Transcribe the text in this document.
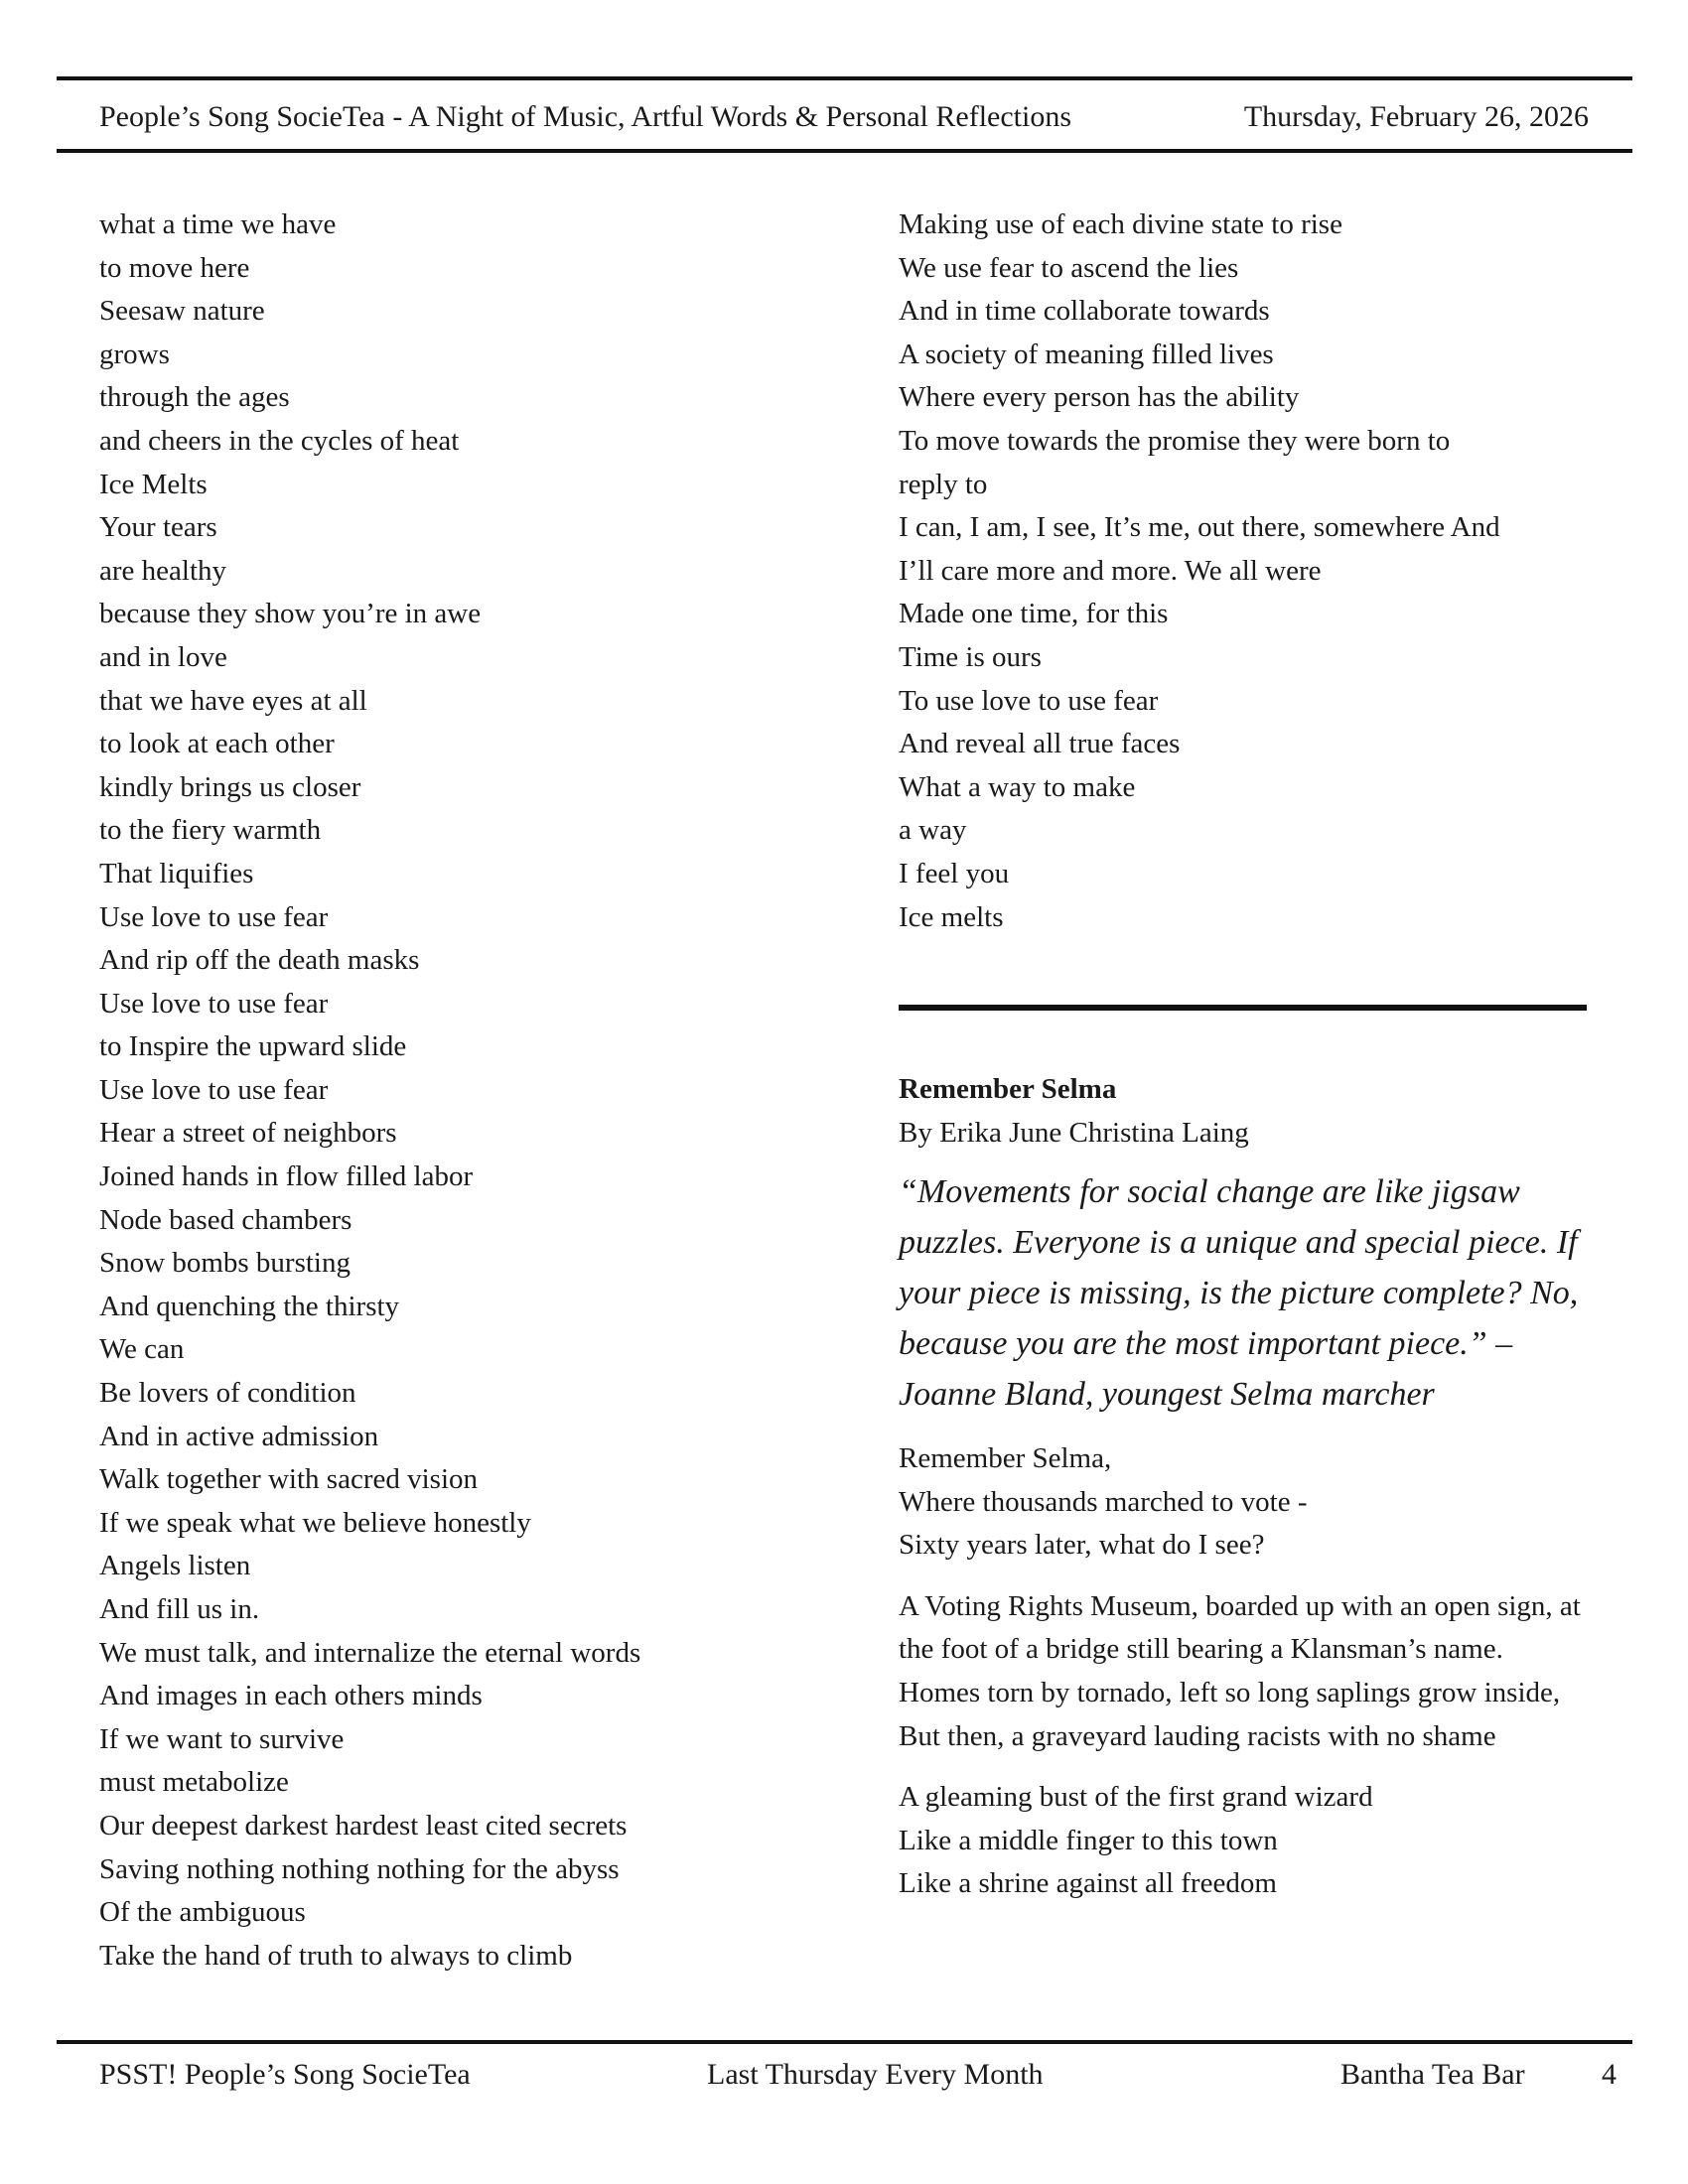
People’s Song SocieTea - A Night of Music, Artful Words & Personal Reflections	Thursday, February 26, 2026
what a time we have
to move here
Seesaw nature
grows
through the ages
and cheers in the cycles of heat
Ice Melts
Your tears
are healthy
because they show you’re in awe
and in love
that we have eyes at all
to look at each other
kindly brings us closer
to the fiery warmth
That liquifies
Use love to use fear
And rip off the death masks
Use love to use fear
to Inspire the upward slide
Use love to use fear
Hear a street of neighbors
Joined hands in flow filled labor
Node based chambers
Snow bombs bursting
And quenching the thirsty
We can
Be lovers of condition
And in active admission
Walk together with sacred vision
If we speak what we believe honestly
Angels listen
And fill us in.
We must talk, and internalize the eternal words
And images in each others minds
If we want to survive
must metabolize
Our deepest darkest hardest least cited secrets
Saving nothing nothing nothing for the abyss
Of the ambiguous
Take the hand of truth to always to climb
Making use of each divine state to rise
We use fear to ascend the lies
And in time collaborate towards
A society of meaning filled lives
Where every person has the ability
To move towards the promise they were born to
reply to
I can, I am, I see, It’s me, out there, somewhere And
I’ll care more and more. We all were
Made one time, for this
Time is ours
To use love to use fear
And reveal all true faces
What a way to make
a way
I feel you
Ice melts
Remember Selma
By Erika June Christina Laing
“Movements for social change are like jigsaw puzzles. Everyone is a unique and special piece. If your piece is missing, is the picture complete? No, because you are the most important piece.” – Joanne Bland, youngest Selma marcher
Remember Selma,
Where thousands marched to vote -
Sixty years later, what do I see?
A Voting Rights Museum, boarded up with an open sign, at the foot of a bridge still bearing a Klansman’s name.
Homes torn by tornado, left so long saplings grow inside,
But then, a graveyard lauding racists with no shame
A gleaming bust of the first grand wizard
Like a middle finger to this town
Like a shrine against all freedom
PSST! People’s Song SocieTea	Last Thursday Every Month	Bantha Tea Bar	4
